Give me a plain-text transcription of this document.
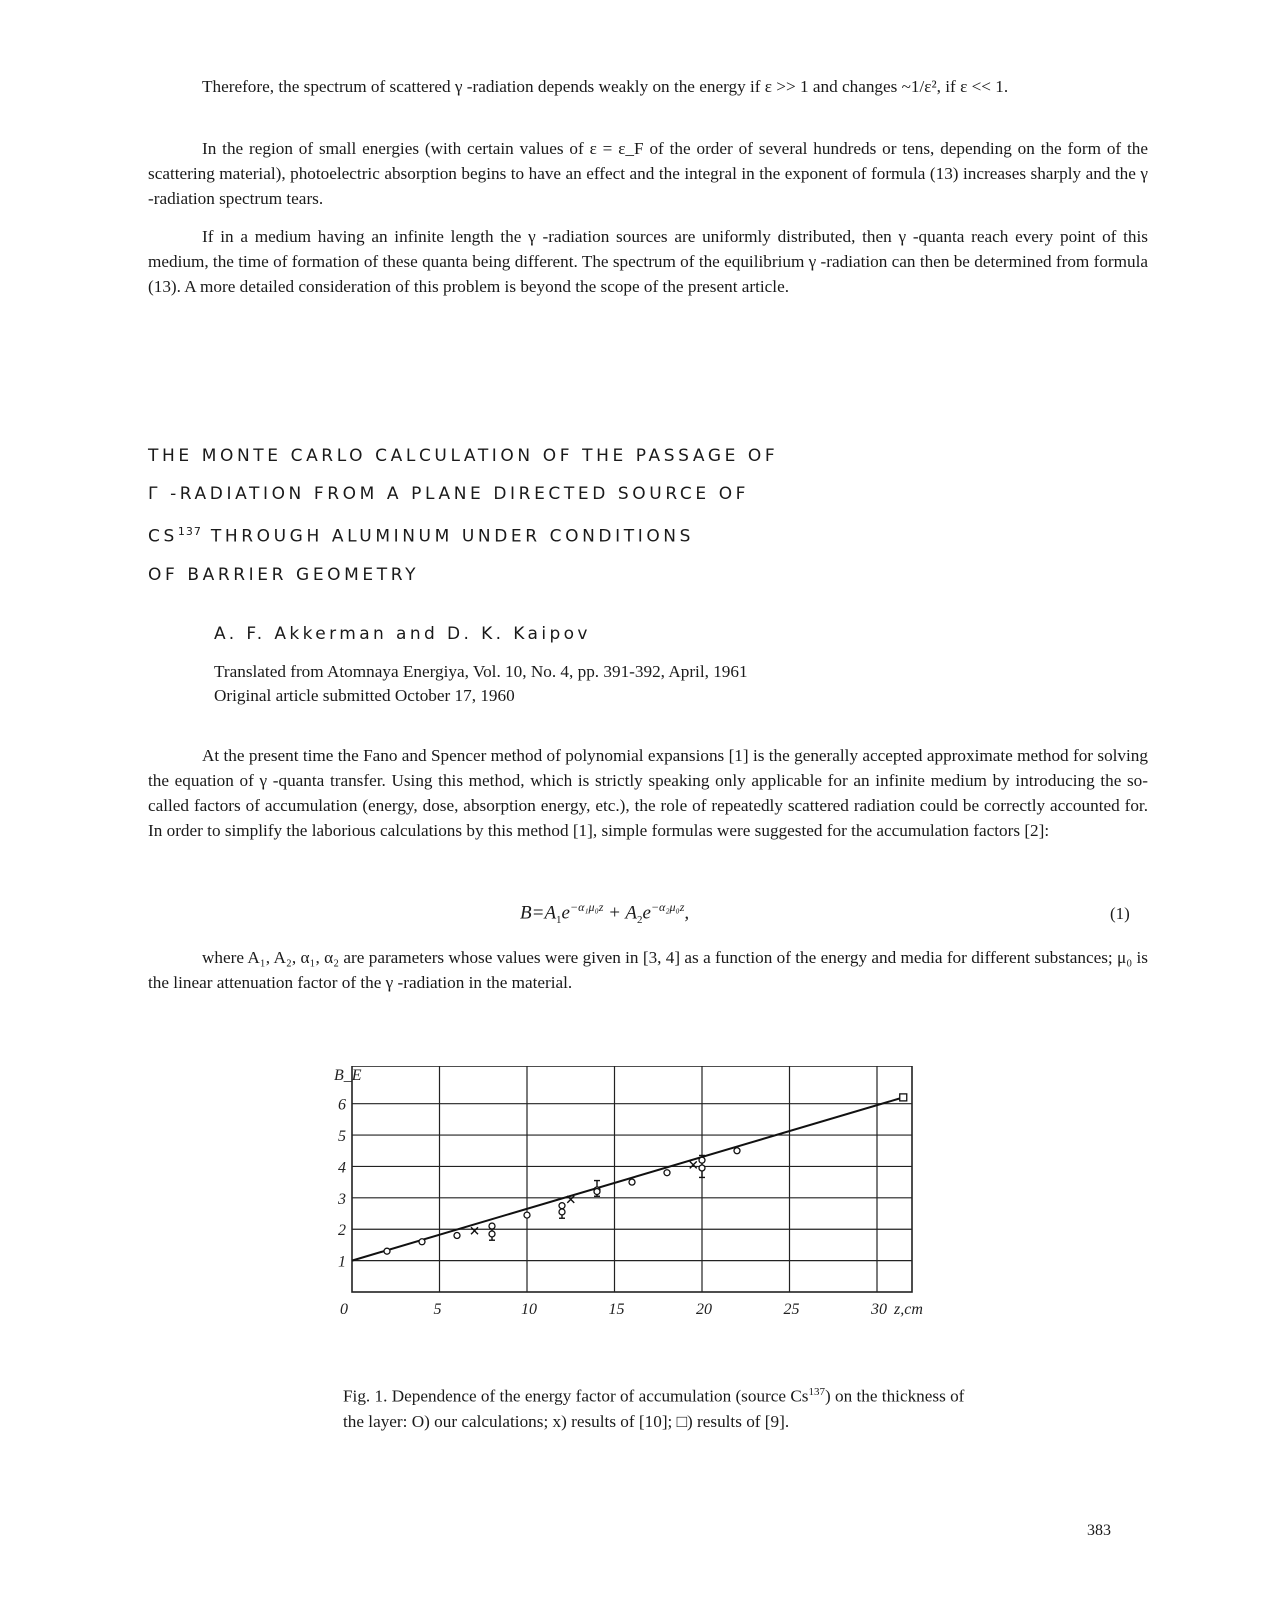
Therefore, the spectrum of scattered γ -radiation depends weakly on the energy if ε >> 1 and changes ~1/ε², if ε << 1.

In the region of small energies (with certain values of ε = ε_F of the order of several hundreds or tens, depending on the form of the scattering material), photoelectric absorption begins to have an effect and the integral in the exponent of formula (13) increases sharply and the γ -radiation spectrum tears.

If in a medium having an infinite length the γ -radiation sources are uniformly distributed, then γ -quanta reach every point of this medium, the time of formation of these quanta being different. The spectrum of the equilibrium γ -radiation can then be determined from formula (13). A more detailed consideration of this problem is beyond the scope of the present article.

THE MONTE CARLO CALCULATION OF THE PASSAGE OF
Γ -RADIATION FROM A PLANE DIRECTED SOURCE OF
CS$^{137}$ THROUGH ALUMINUM UNDER CONDITIONS
OF BARRIER GEOMETRY
A. F. Akkerman and D. K. Kaipov
Translated from Atomnaya Energiya, Vol. 10, No. 4, pp. 391-392, April, 1961
Original article submitted October 17, 1960

At the present time the Fano and Spencer method of polynomial expansions [1] is the generally accepted approximate method for solving the equation of γ -quanta transfer. Using this method, which is strictly speaking only applicable for an infinite medium by introducing the so-called factors of accumulation (energy, dose, absorption energy, etc.), the role of repeatedly scattered radiation could be correctly accounted for. In order to simplify the laborious calculations by this method [1], simple formulas were suggested for the accumulation factors [2]:

$B=A_1e^{-\alpha_1\mu_0z} + A_2e^{-\alpha_2\mu_0z}$,	(1)

where A₁, A₂, α₁, α₂ are parameters whose values were given in [3, 4] as a function of the energy and media for different substances; μ₀ is the linear attenuation factor of the γ -radiation in the material.

0	5	10	15	20	25	30
1
2
3
4
5
6
B_E
z,cm

Fig. 1. Dependence of the energy factor of accumulation (source Cs$^{137}$) on the thickness of the layer: O) our calculations; x) results of [10]; □) results of [9].

383
